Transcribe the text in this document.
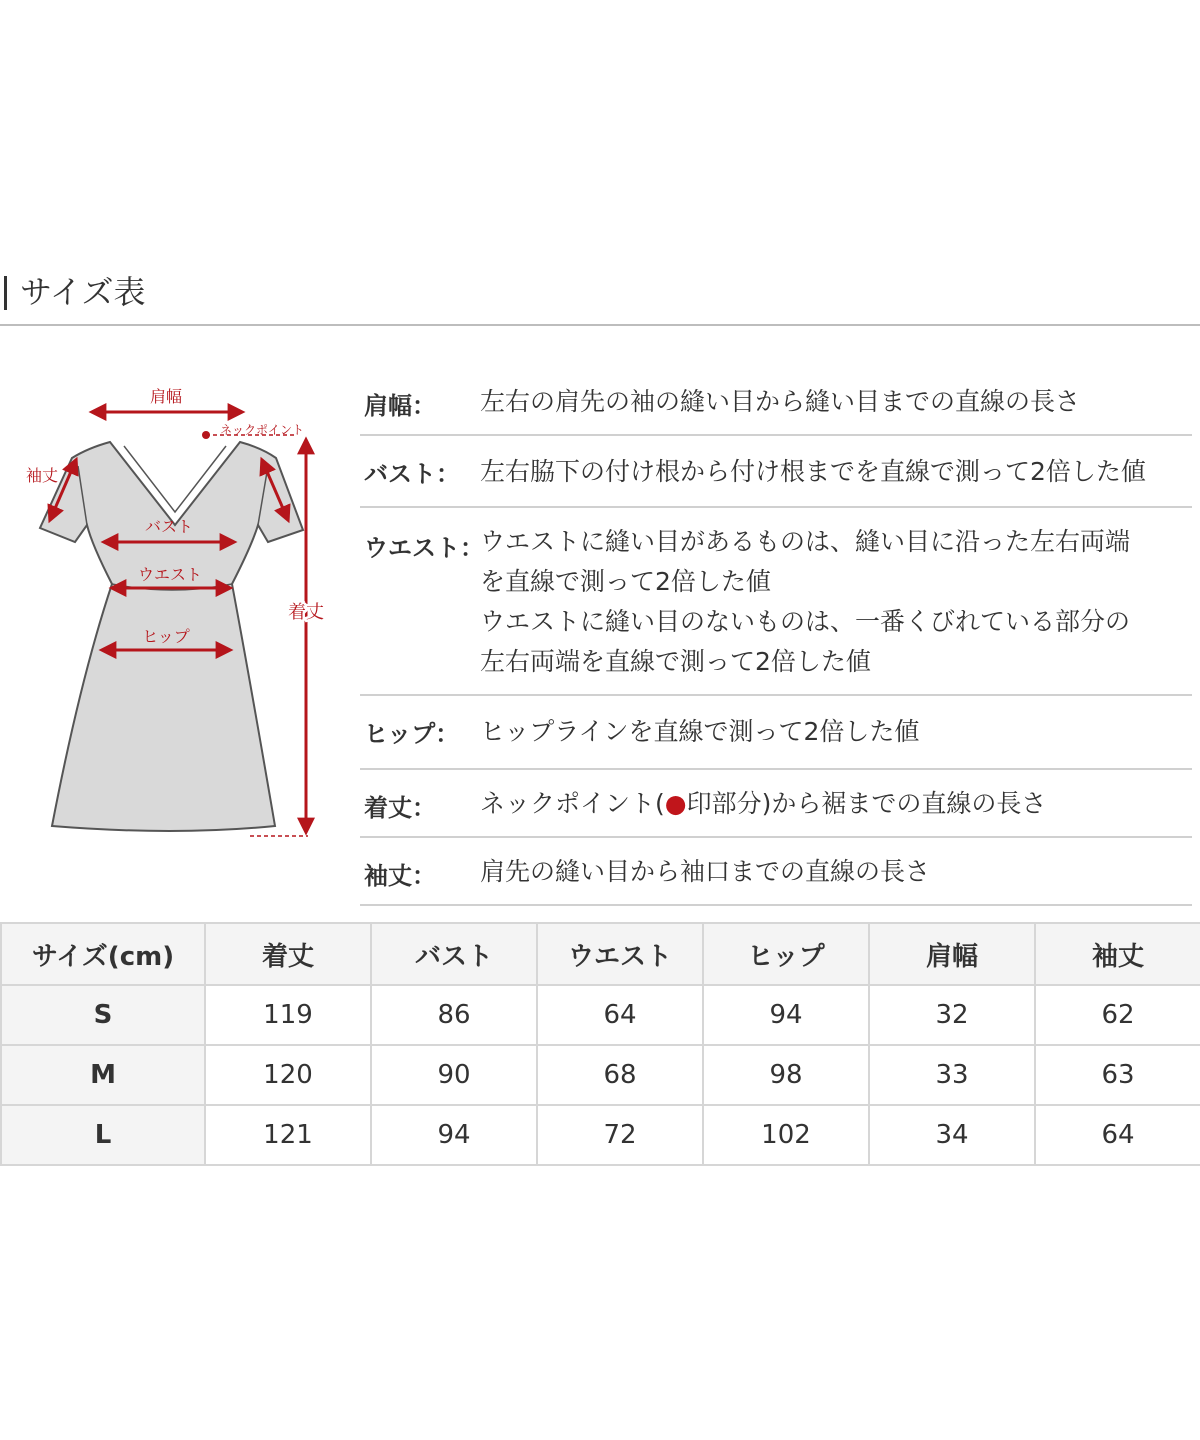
サイズ表
肩幅
ネックポイント
袖丈
バスト
ウエスト
ヒップ
着丈
肩幅： 左右の肩先の袖の縫い目から縫い目までの直線の長さ
バスト： 左右脇下の付け根から付け根までを直線で測って2倍した値
ウエスト：
ウエストに縫い目があるものは、縫い目に沿った左右両端
を直線で測って2倍した値
ウエストに縫い目のないものは、一番くびれている部分の
左右両端を直線で測って2倍した値
ヒップ： ヒップラインを直線で測って2倍した値
着丈： ネックポイント(●印部分)から裾までの直線の長さ
袖丈： 肩先の縫い目から袖口までの直線の長さ
サイズ(cm)	着丈	バスト	ウエスト	ヒップ	肩幅	袖丈
S	119	86	64	94	32	62
M	120	90	68	98	33	63
L	121	94	72	102	34	64
